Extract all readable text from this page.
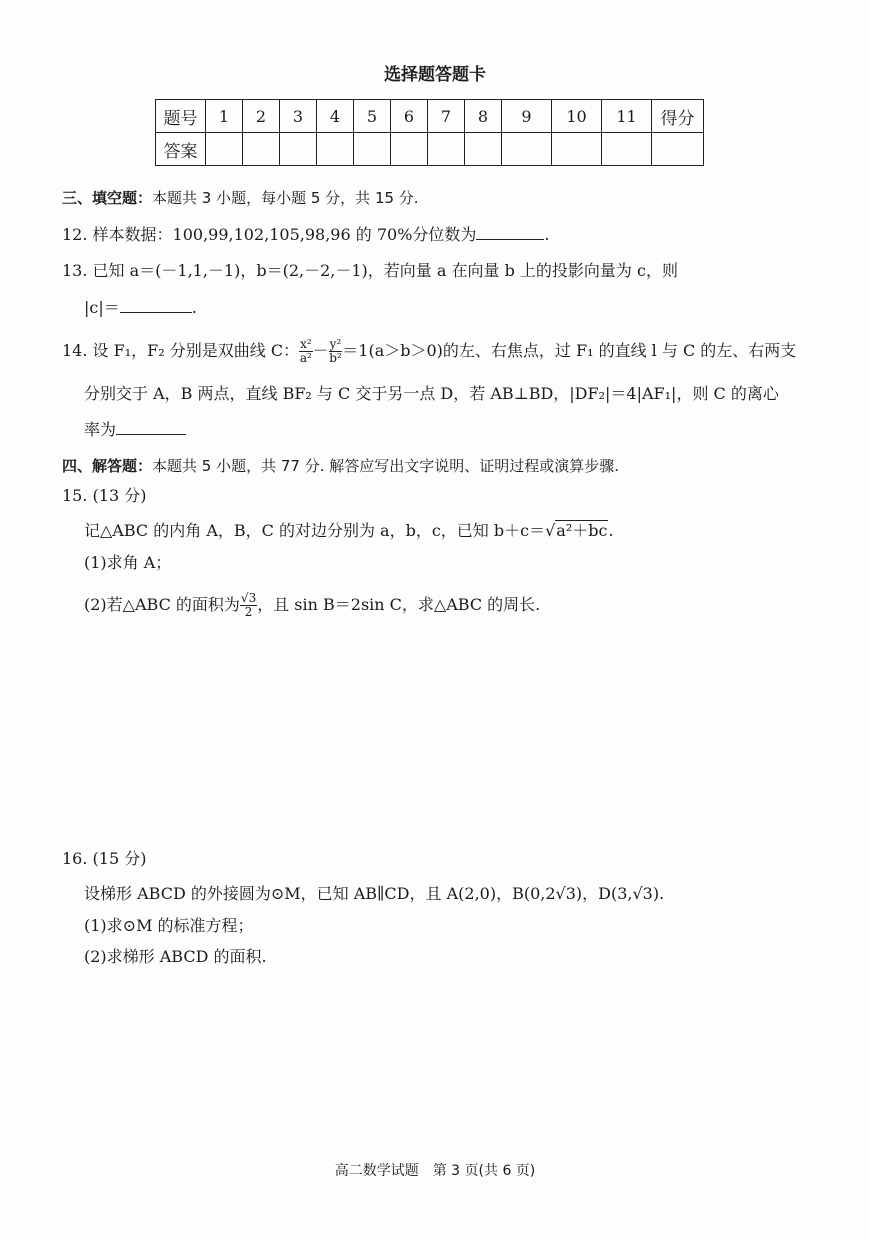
选择题答题卡
题号	1	2	3	4	5	6	7	8	9	10	11	得分
答案												
三、填空题：本题共 3 小题，每小题 5 分，共 15 分.
12. 样本数据：100,99,102,105,98,96 的 70%分位数为	.
13. 已知 a＝(－1,1,－1)，b＝(2,－2,－1)，若向量 a 在向量 b 上的投影向量为 c，则
|c|＝	.
14. 设 F₁，F₂ 分别是双曲线 C： $\frac{\text{x²}}{\text{a²}} - \frac{\text{y²}}{\text{b²}} =1(a>b>0)$的左、右焦点，过 F₁ 的直线 l 与 C 的左、右两支
分别交于 A，B 两点，直线 BF₂ 与 C 交于另一点 D，若 AB⊥BD，|DF₂|＝4|AF₁|，则 C 的离心
率为
四、解答题：本题共 5 小题，共 77 分. 解答应写出文字说明、证明过程或演算步骤.
15. (13 分)
记△ABC 的内角 A，B，C 的对边分别为 a，b，c，已知 b＋c＝√a²＋bc.
(1)求角 A；
(2)若△ABC 的面积为 $\frac{√3}{2}$ ，且 sin B＝2sin C，求△ABC 的周长.
16. (15 分)
设梯形 ABCD 的外接圆为⊙M，已知 AB∥CD，且 A(2,0)，B(0,2√3)，D(3,√3).
(1)求⊙M 的标准方程；
(2)求梯形 ABCD 的面积.
高二数学试题　第 3 页(共 6 页)
